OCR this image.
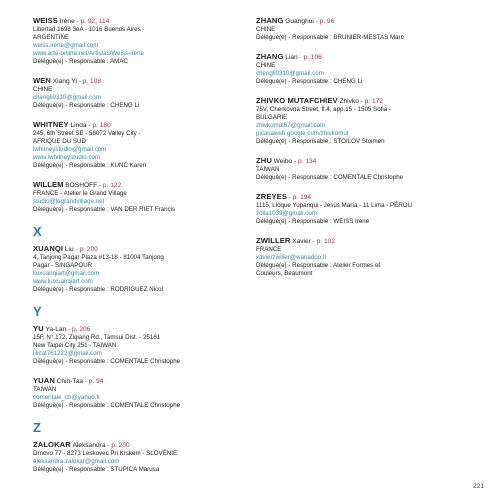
WEISS Irène - p. 92, 114
Libertad 1698 3eA - 1016 Buenos Aires -
ARGENTINE
weiss.irene@gmail.com
www.arte-online.net/Artistas/Weiss-irene
Délégué(e) - Responsable : AMAC
WEN Xiang Yi - p. 108
CHINE
chengli0310@gmail.com
Délégué(e) - Responsable : CHENG Li
WHITNEY Linda - p. 180
245, 6th Street SE - 58072 Valley City -
AFRIQUE DU SUD
lwhitneystudio@gmail.com
www.lwhitneystudio.com
Délégué(e) - Responsable : KUNC Karen
WILLEM BOSHOFF - p. 122
FRANCE - Atelier le Grand Village
studio@legrandvillage.net
Délégué(e) - Responsable : VAN DER RIET Francis
X
XUANQI Liu - p. 200
4, Tanjong Pagar Plaza #13-18 - 81004 Tanjong
Pagar - SINGAPOUR
liuxuanqiart@gmail.com
www.liuxuanqiart.com
Délégué(e) - Responsable : RODRIGUEZ Nicol
Y
YU Ya-Lan - p. 206
15F, N°.172, Ziqiang Rd., Tamsui Dist. - 25161
New Taipei City 251 - TAIWAN
lilicat761222@gmail.com
Délégué(e) - Responsable : COMENTALE Christophe
YUAN Chin-Taa - p. 94
TAIWAN
comentale_ch@yahoo.fr
Délégué(e) - Responsable : COMENTALE Christophe
Z
ZALOKAR Aleksandra - p. 200
Drnovo 77 - 8273 Leskovec Pri Krskem - SLOVÉNIE
aleksandra.zalokar@gmail.com
Délégué(e) - Responsable : STUPICA Marusa
ZHANG Guanghui - p. 96
CHINE
Délégué(e) - Responsable : BRUNIER-MESTAS Marc
ZHANG Lian - p. 106
CHINE
chengli0310@gmail.com
Délégué(e) - Responsable : CHENG Li
ZHIVKO MUTAFCHIEV Zhivko - p. 172
75V, Cherkovna Street, fl.4, app.15 - 1505 Sofia -
BULGARIE
zhivkomut67@gmail.com
picasaweb.google.com/zhivkomut
Délégué(e) - Responsable : STOILOV Stoimen
ZHU Weibo - p. 134
TAIWAN
Délégué(e) - Responsable : COMENTALE Christophe
ZREYES - p. 194
1115, Lloque Yupanqui - Jesús María - 11 Lima - PÉROU
zolla1039@gmail.com
Délégué(e) - Responsable : WEISS Irène
ZWILLER Xavier - p. 102
FRANCE
xavierzwiller@wanadoo.fr
Délégué(e) - Responsable : Atelier Formes et
Couleurs, Beaumont
221
